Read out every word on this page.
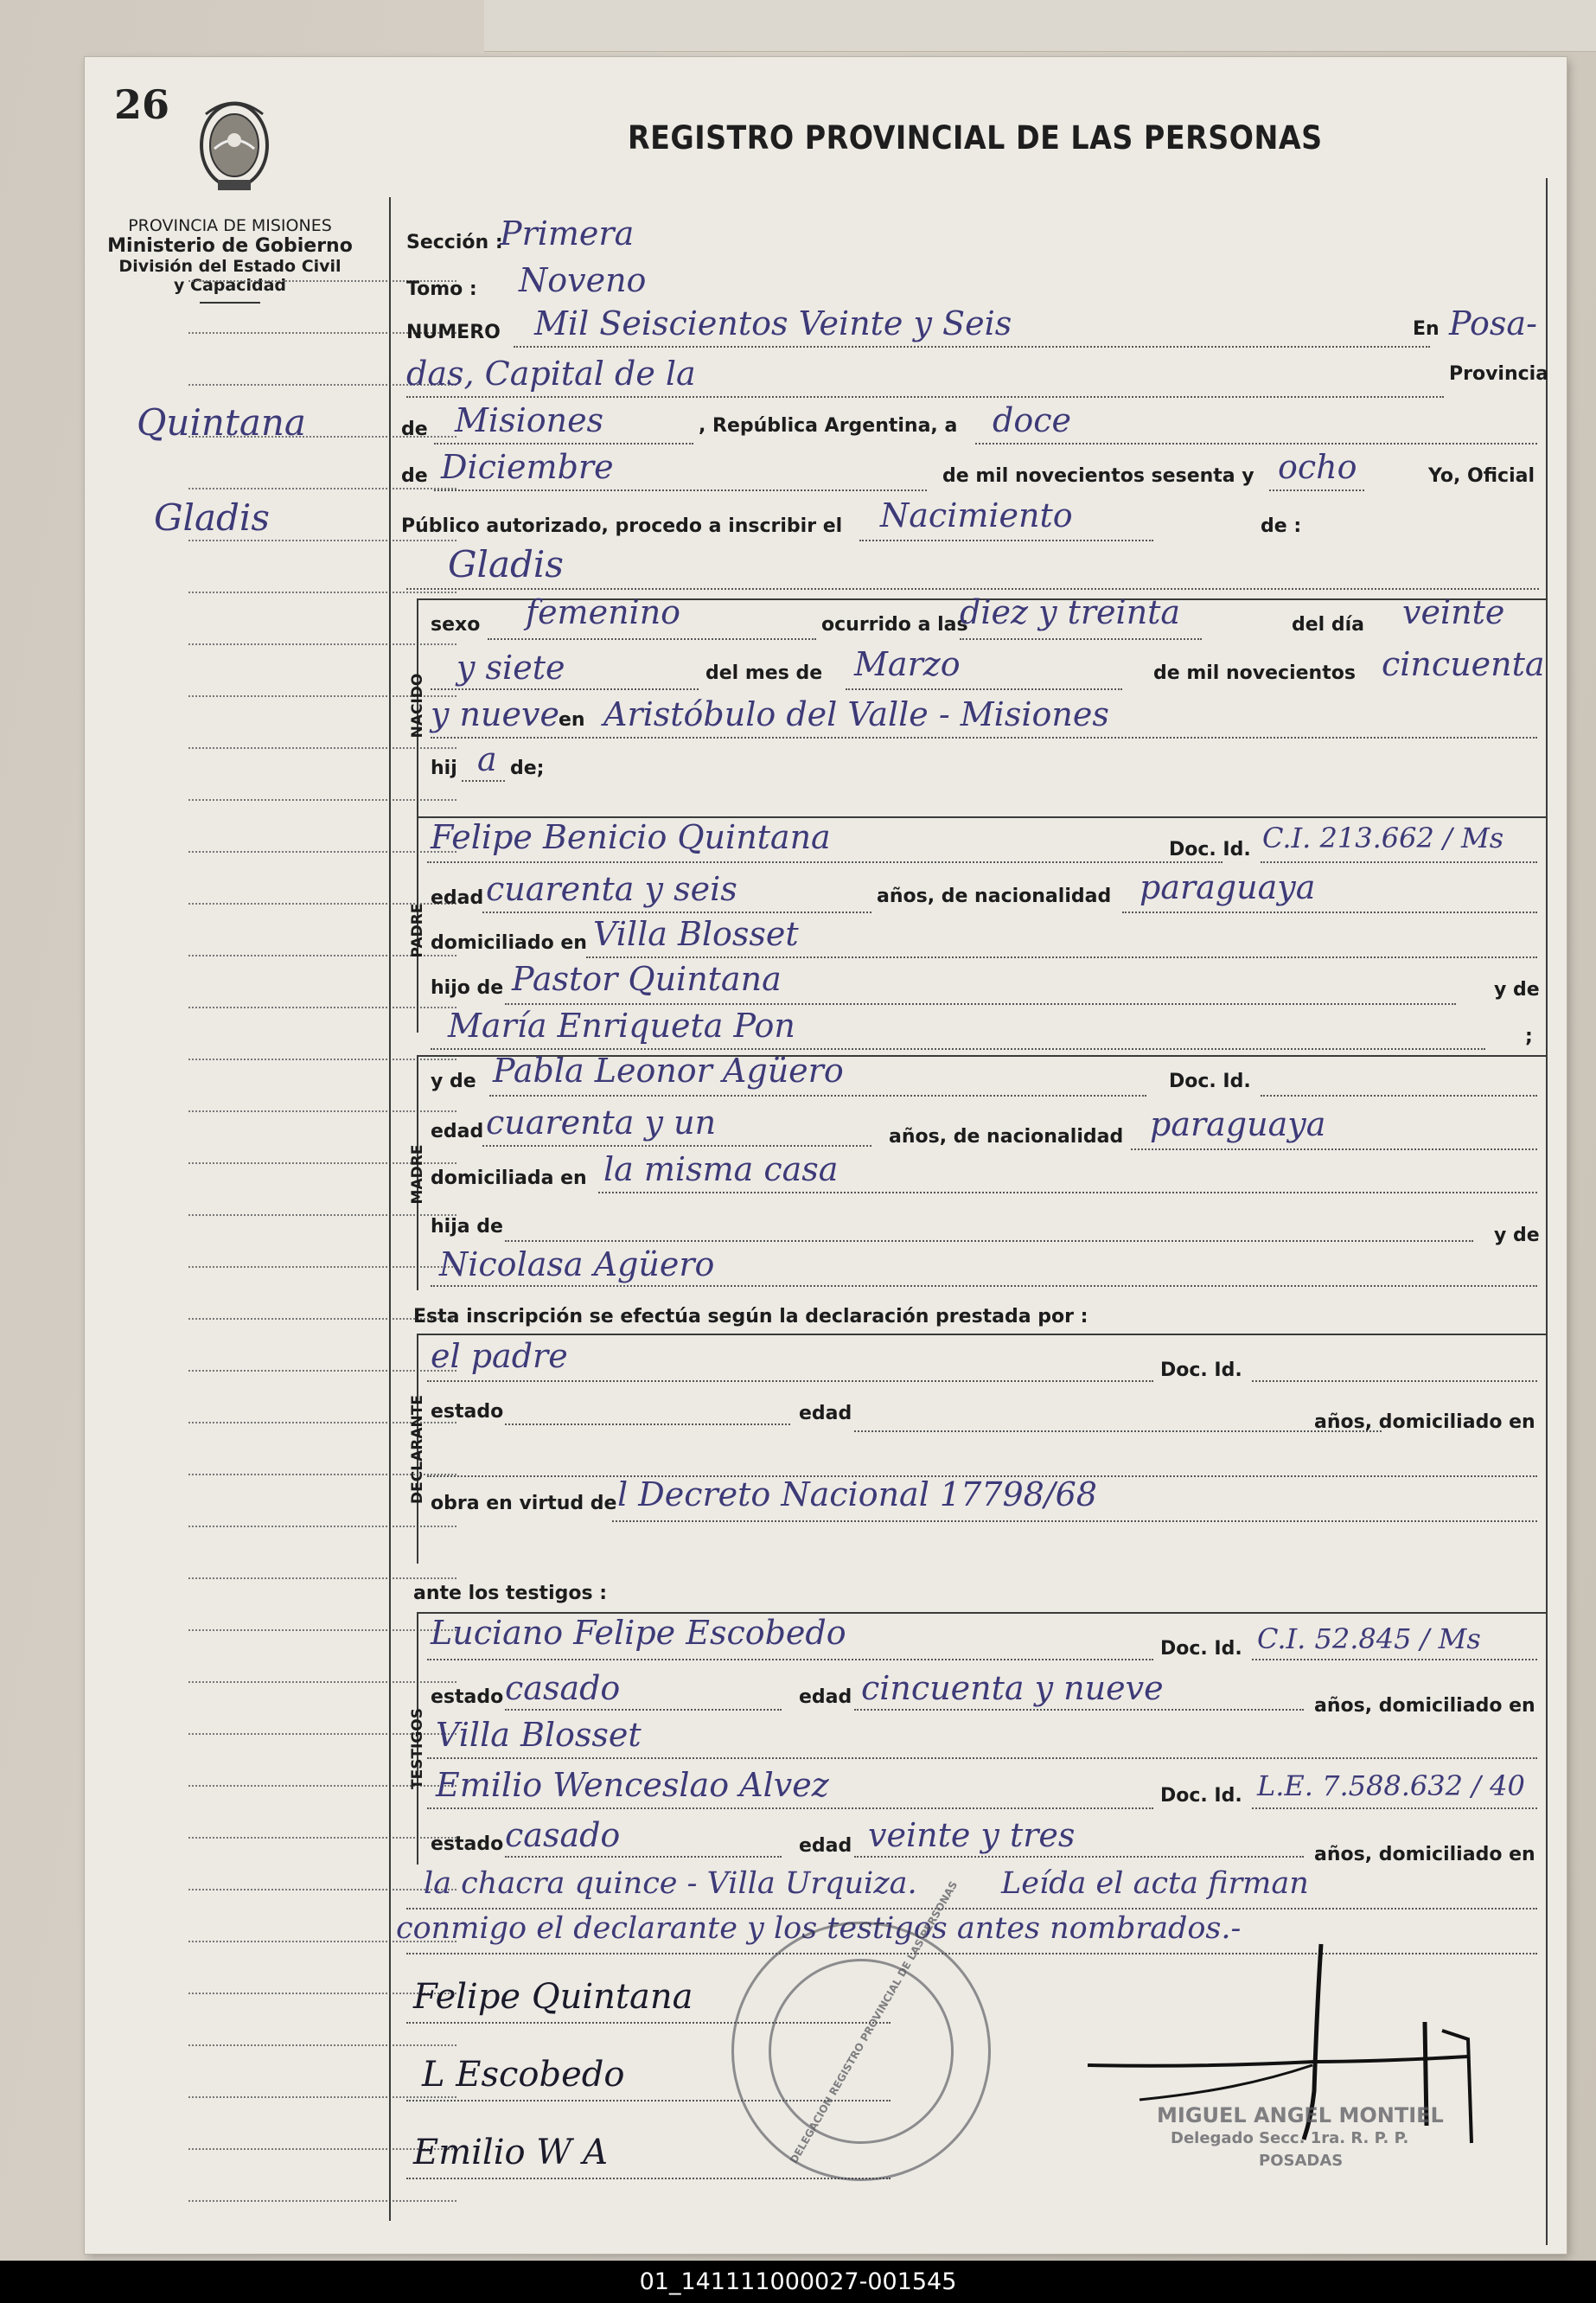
26
REGISTRO PROVINCIAL DE LAS PERSONAS
PROVINCIA DE MISIONES
Ministerio de Gobierno
División del Estado Civil
y Capacidad
Quintana
Gladis
Sección :
Primera
Tomo : Noveno
NUMERO Mil Seiscientos Veinte y Seis	En Posa-
das, Capital de la	Provincia
de Misiones	, República Argentina, a doce
de Diciembre	de mil novecientos sesenta y ocho	Yo, Oficial
Público autorizado, procedo a inscribir el Nacimiento	de :
Gladis
NACIDO
sexo femenino	ocurrido a las
diez y treinta	del día veinte
y siete	del mes de Marzo	de mil novecientos cincuenta
y nueve en Aristóbulo del Valle - Misiones
hij a de;
PADRE
Felipe Benicio Quintana	Doc. Id. C.I. 213.662 / Ms
edad cuarenta y seis	años, de nacionalidad paraguaya
domiciliado en Villa Blosset
hijo de Pastor Quintana	y de
María Enriqueta Pon	;
MADRE
y de Pabla Leonor Agüero	Doc. Id.
edad cuarenta y un	años, de nacionalidad paraguaya
domiciliada en la misma casa
hija de	y de
Nicolasa Agüero
Esta inscripción se efectúa según la declaración prestada por :
DECLARANTE
el padre	Doc. Id.
estado	edad	años, domiciliado en
obra en virtud de l Decreto Nacional 17798/68
ante los testigos :
TESTIGOS
Luciano Felipe Escobedo	Doc. Id. C.I. 52.845 / Ms
estado casado	edad cincuenta y nueve	años, domiciliado en
Villa Blosset
Emilio Wenceslao Alvez	Doc. Id. L.E. 7.588.632 / 40
estado casado	edad veinte y tres
años, domiciliado en
la chacra quince - Villa Urquiza.	Leída el acta firman
conmigo el declarante y los testigos antes nombrados.-
DELEGACION REGISTRO PROVINCIAL DE LAS PERSONAS
Felipe Quintana
L Escobedo
Emilio W A
MIGUEL ANGEL MONTIEL
Delegado Secc. 1ra. R. P. P.
POSADAS
01_141111000027-001545
